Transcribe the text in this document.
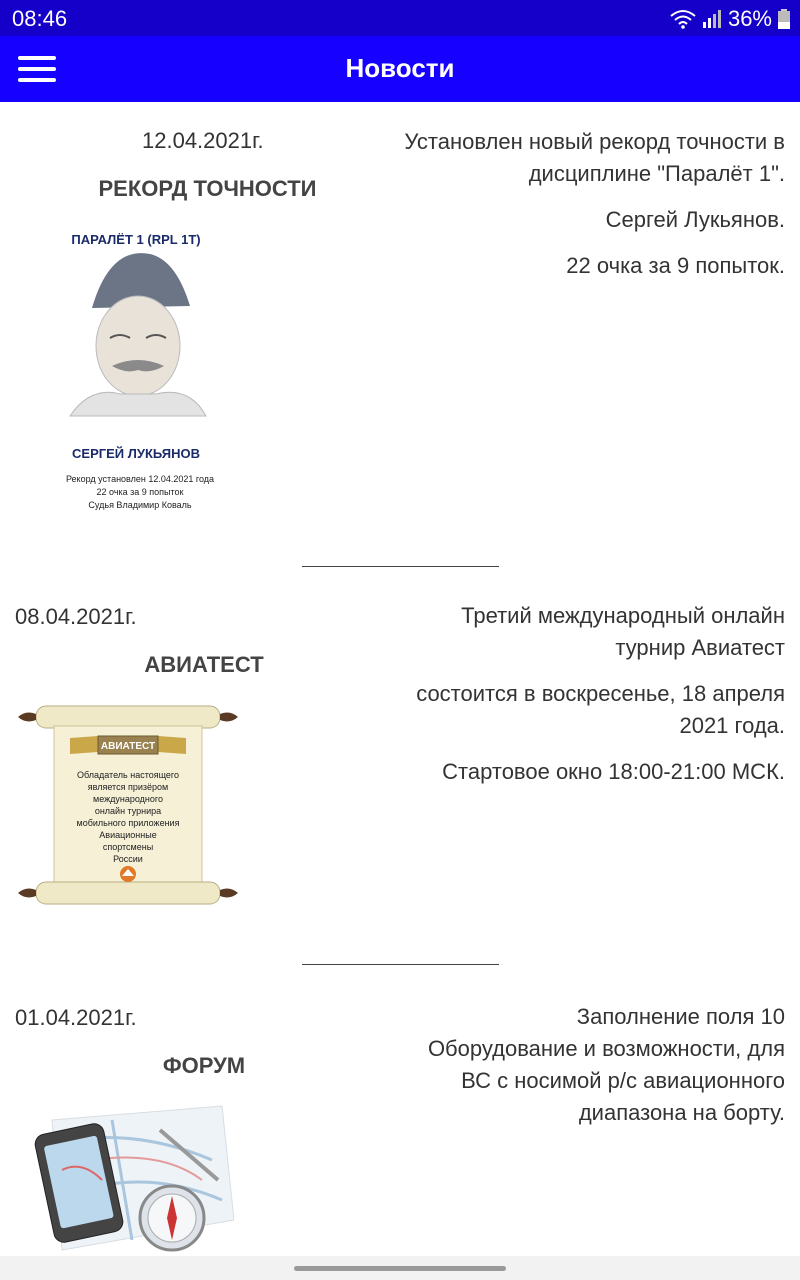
08:46	36%
Новости
12.04.2021г.
РЕКОРД ТОЧНОСТИ

Установлен новый рекорд точности в дисциплине "Паралёт 1".

Сергей Лукьянов.

22 очка за 9 попыток.

ПАРАЛЁТ 1 (RPL 1T)
СЕРГЕЙ ЛУКЬЯНОВ
Рекорд установлен 12.04.2021 года
22 очка за 9 попыток
Судья Владимир Коваль
08.04.2021г.
АВИАТЕСТ

Третий международный онлайн турнир Авиатест

состоится в воскресенье, 18 апреля 2021 года.

Стартовое окно 18:00-21:00 МСК.

АВИАТЕСТ
Обладатель настоящего
является призёром
международного
онлайн турнира
мобильного приложения
Авиационные
спортсмены
России
01.04.2021г.
ФОРУМ

Заполнение поля 10 Оборудование и возможности, для ВС с носимой р/с авиационного диапазона на борту.
